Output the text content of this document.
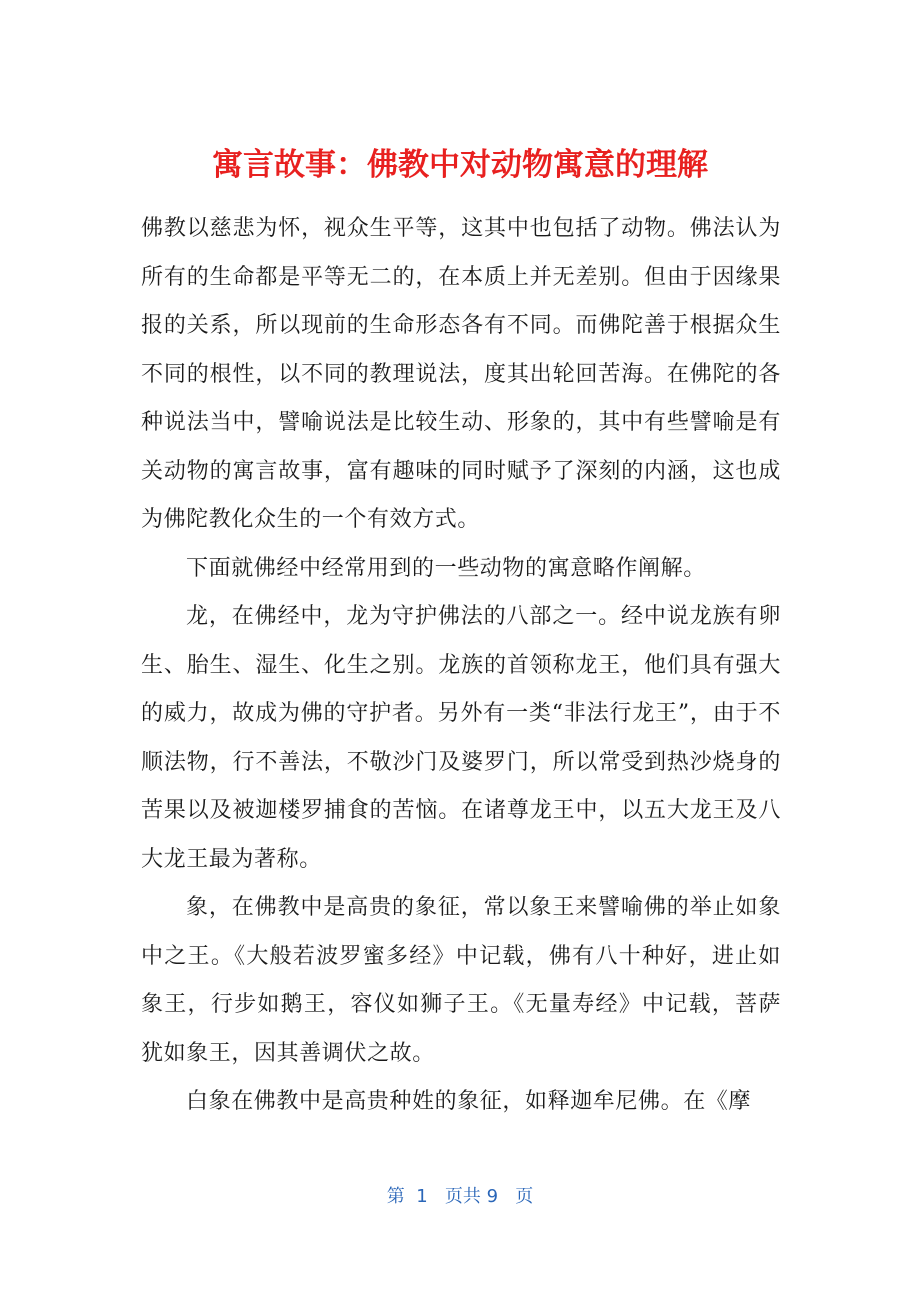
寓言故事：佛教中对动物寓意的理解

佛教以慈悲为怀，视众生平等，这其中也包括了动物。佛法认为所有的生命都是平等无二的，在本质上并无差别。但由于因缘果报的关系，所以现前的生命形态各有不同。而佛陀善于根据众生不同的根性，以不同的教理说法，度其出轮回苦海。在佛陀的各种说法当中，譬喻说法是比较生动、形象的，其中有些譬喻是有关动物的寓言故事，富有趣味的同时赋予了深刻的内涵，这也成为佛陀教化众生的一个有效方式。

下面就佛经中经常用到的一些动物的寓意略作阐解。

龙，在佛经中，龙为守护佛法的八部之一。经中说龙族有卵生、胎生、湿生、化生之别。龙族的首领称龙王，他们具有强大的威力，故成为佛的守护者。另外有一类“非法行龙王”，由于不顺法物，行不善法，不敬沙门及婆罗门，所以常受到热沙烧身的苦果以及被迦楼罗捕食的苦恼。在诸尊龙王中，以五大龙王及八大龙王最为著称。

象，在佛教中是高贵的象征，常以象王来譬喻佛的举止如象中之王。《大般若波罗蜜多经》中记载，佛有八十种好，进止如象王，行步如鹅王，容仪如狮子王。《无量寿经》中记载，菩萨犹如象王，因其善调伏之故。

白象在佛教中是高贵种姓的象征，如释迦牟尼佛。在《摩

第  1   页共 9   页
